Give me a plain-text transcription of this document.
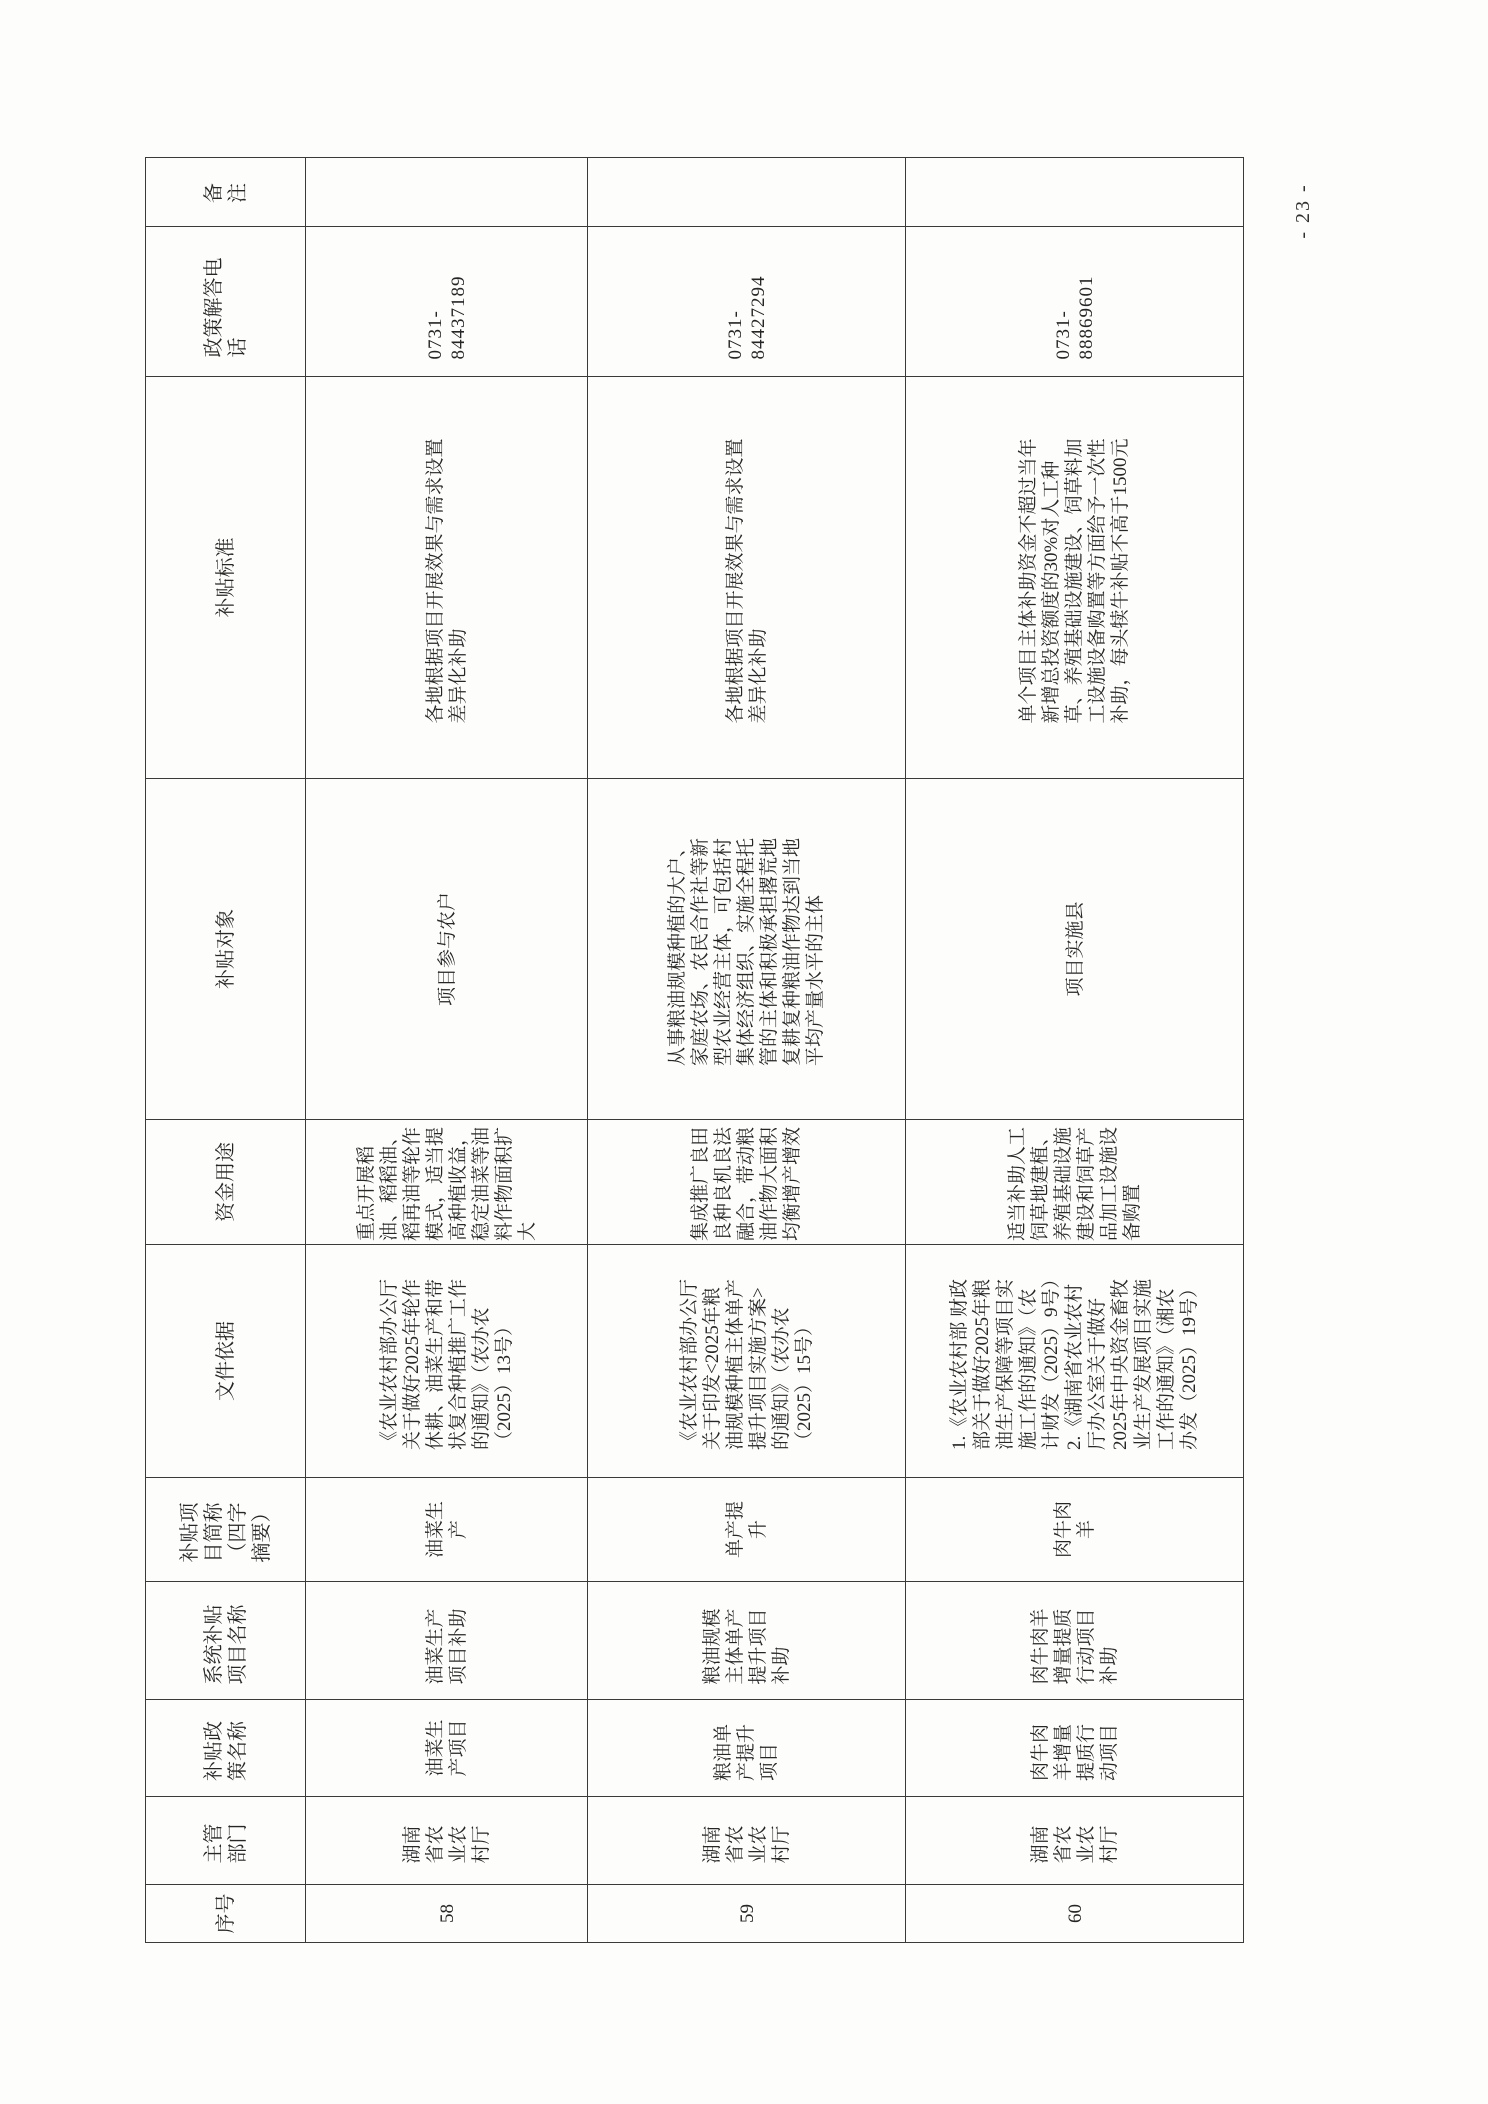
序号	主管部门	补贴政策名称	系统补贴项目名称	补贴项目简称（四字摘要）	文件依据	资金用途	补贴对象	补贴标准	政策解答电话	备注
58	湖南省农业农村厅	油菜生产项目	油菜生产项目补助	油菜生产	《农业农村部办公厅关于做好2025年轮作休耕、油菜生产和带状复合种植推广工作的通知》（农办农（2025）13号）	重点开展稻油、稻稻油、稻再油等轮作模式，适当提高种植收益，稳定油菜等油料作物面积扩大	项目参与农户	各地根据项目开展效果与需求设置差异化补助	0731-84437189	
59	湖南省农业农村厅	粮油单产提升项目	粮油规模主体单产提升项目补助	单产提升	《农业农村部办公厅关于印发<2025年粮油规模种植主体单产提升项目实施方案>的通知》（农办农（2025）15号）	集成推广良田良种良机良法融合，带动粮油作物大面积均衡增产增效	从事粮油规模种植的大户、家庭农场、农民合作社等新型农业经营主体，可包括村集体经济组织、实施全程托管的主体和积极承担撂荒地复耕复种粮油作物达到当地平均产量水平的主体	各地根据项目开展效果与需求设置差异化补助	0731-84427294	
60	湖南省农业农村厅	肉牛肉羊增量提质行动项目	肉牛肉羊增量提质行动项目补助	肉牛肉羊	1.《农业农村部 财政部关于做好2025年粮油生产保障等项目实施工作的通知》（农计财发（2025）9号）2.《湖南省农业农村厅办公室关于做好2025年中央资金畜牧业生产发展项目实施工作的通知》（湘农办发（2025）19号）	适当补助人工饲草地建植、养殖基础设施建设和饲草产品加工设施设备购置	项目实施县	单个项目主体补助资金不超过当年新增总投资额度的30%对人工种草、养殖基础设施建设、饲草料加工设施设备购置等方面给予一次性补助，每头犊牛补贴不高于1500元	0731-88869601	
- 23 -
